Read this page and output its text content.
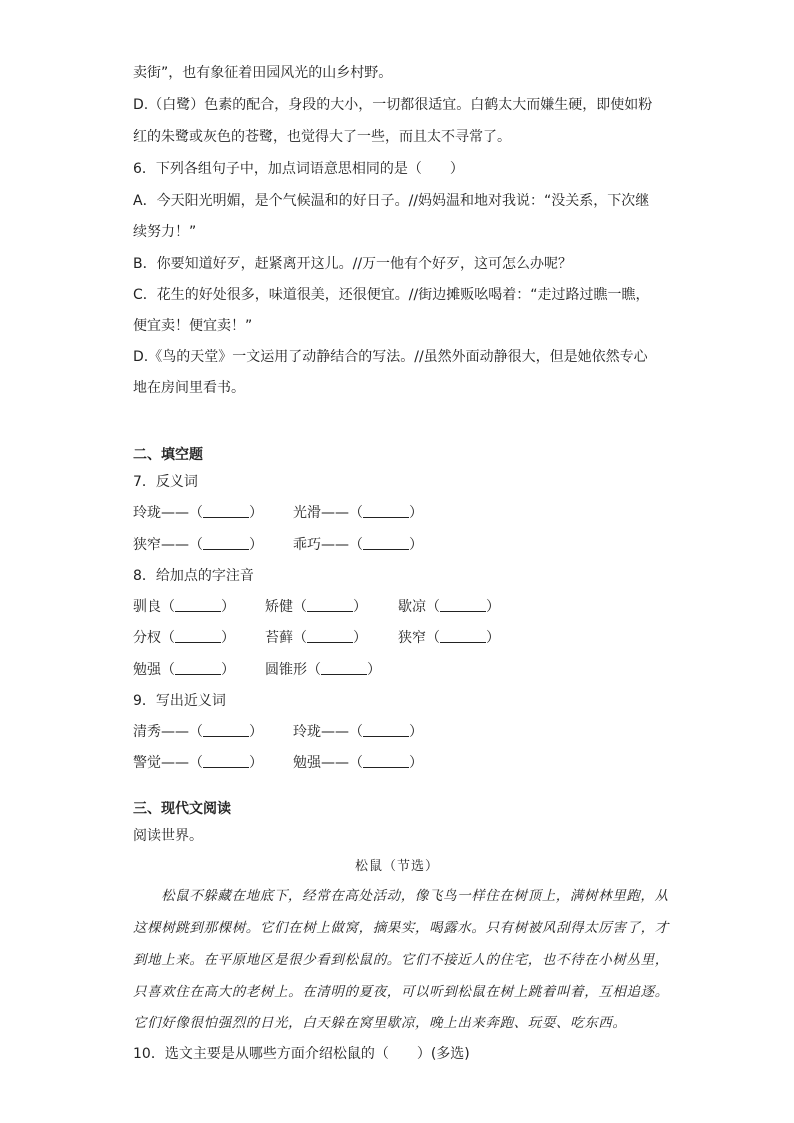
卖街”，也有象征着田园风光的山乡村野。
D.（白鹭）色素的配合，身段的大小，一切都很适宜。白鹤太大而嫌生硬，即使如粉
红的朱鹭或灰色的苍鹭，也觉得大了一些，而且太不寻常了。
6．下列各组句子中，加点词语意思相同的是（　　）
A．今天阳光明媚，是个气候温和的好日子。//妈妈温和地对我说：“没关系，下次继
续努力！”
B．你要知道好歹，赶紧离开这儿。//万一他有个好歹，这可怎么办呢？
C．花生的好处很多，味道很美，还很便宜。//街边摊贩吆喝着：“走过路过瞧一瞧，
便宜卖！便宜卖！”
D.《鸟的天堂》一文运用了动静结合的写法。//虽然外面动静很大，但是她依然专心
地在房间里看书。
二、填空题
7．反义词
玲珑——（	） 光滑——（	）
狭窄——（	） 乖巧——（	）
8．给加点的字注音
驯良（	） 矫健（	） 歇凉（	）
分杈（	） 苔藓（	） 狭窄（	）
勉强（	） 圆锥形（	）
9．写出近义词
清秀——（	） 玲珑——（	）
警觉——（	） 勉强——（	）
三、现代文阅读
阅读世界。
松鼠（节选）
松鼠不躲藏在地底下，经常在高处活动，像飞鸟一样住在树顶上，满树林里跑，从
这棵树跳到那棵树。它们在树上做窝，摘果实，喝露水。只有树被风刮得太厉害了，才
到地上来。在平原地区是很少看到松鼠的。它们不接近人的住宅，也不待在小树丛里，
只喜欢住在高大的老树上。在清明的夏夜，可以听到松鼠在树上跳着叫着，互相追逐。
它们好像很怕强烈的日光，白天躲在窝里歇凉，晚上出来奔跑、玩耍、吃东西。
10．选文主要是从哪些方面介绍松鼠的（　　）(多选)
